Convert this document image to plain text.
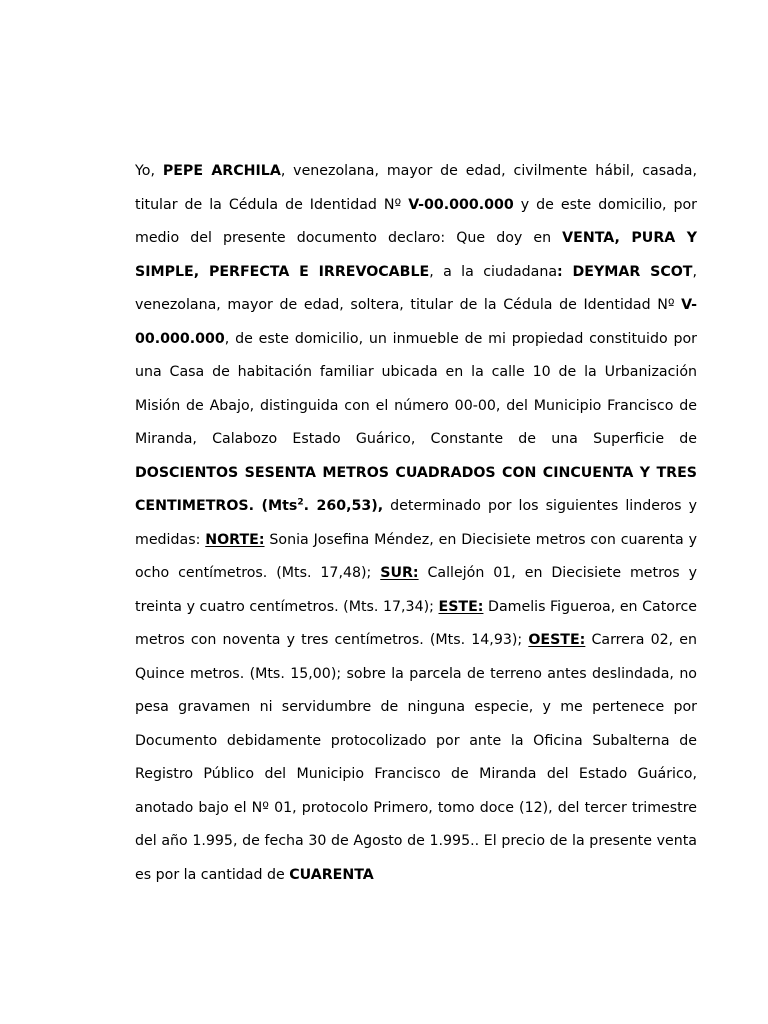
Yo, PEPE ARCHILA, venezolana, mayor de edad, civilmente hábil, casada, titular de la Cédula de Identidad Nº V-00.000.000 y de este domicilio, por medio del presente documento declaro: Que doy en VENTA, PURA Y SIMPLE, PERFECTA E IRREVOCABLE, a la ciudadana: DEYMAR SCOT, venezolana, mayor de edad, soltera, titular de la Cédula de Identidad Nº V-00.000.000, de este domicilio, un inmueble de mi propiedad constituido por una Casa de habitación familiar ubicada en la calle 10 de la Urbanización Misión de Abajo, distinguida con el número 00-00, del Municipio Francisco de Miranda, Calabozo Estado Guárico, Constante de una Superficie de DOSCIENTOS SESENTA METROS CUADRADOS CON CINCUENTA Y TRES CENTIMETROS. (Mts$^2$. 260,53), determinado por los siguientes linderos y medidas: NORTE: Sonia Josefina Méndez, en Diecisiete metros con cuarenta y ocho centímetros. (Mts. 17,48); SUR: Callejón 01, en Diecisiete metros y treinta y cuatro centímetros. (Mts. 17,34); ESTE: Damelis Figueroa, en Catorce metros con noventa y tres centímetros. (Mts. 14,93); OESTE: Carrera 02, en Quince metros. (Mts. 15,00); sobre la parcela de terreno antes deslindada, no pesa gravamen ni servidumbre de ninguna especie, y me pertenece por Documento debidamente protocolizado por ante la Oficina Subalterna de Registro Público del Municipio Francisco de Miranda del Estado Guárico, anotado bajo el Nº 01, protocolo Primero, tomo doce (12), del tercer trimestre del año 1.995, de fecha 30 de Agosto de 1.995.. El precio de la presente venta es por la cantidad de CUARENTA
